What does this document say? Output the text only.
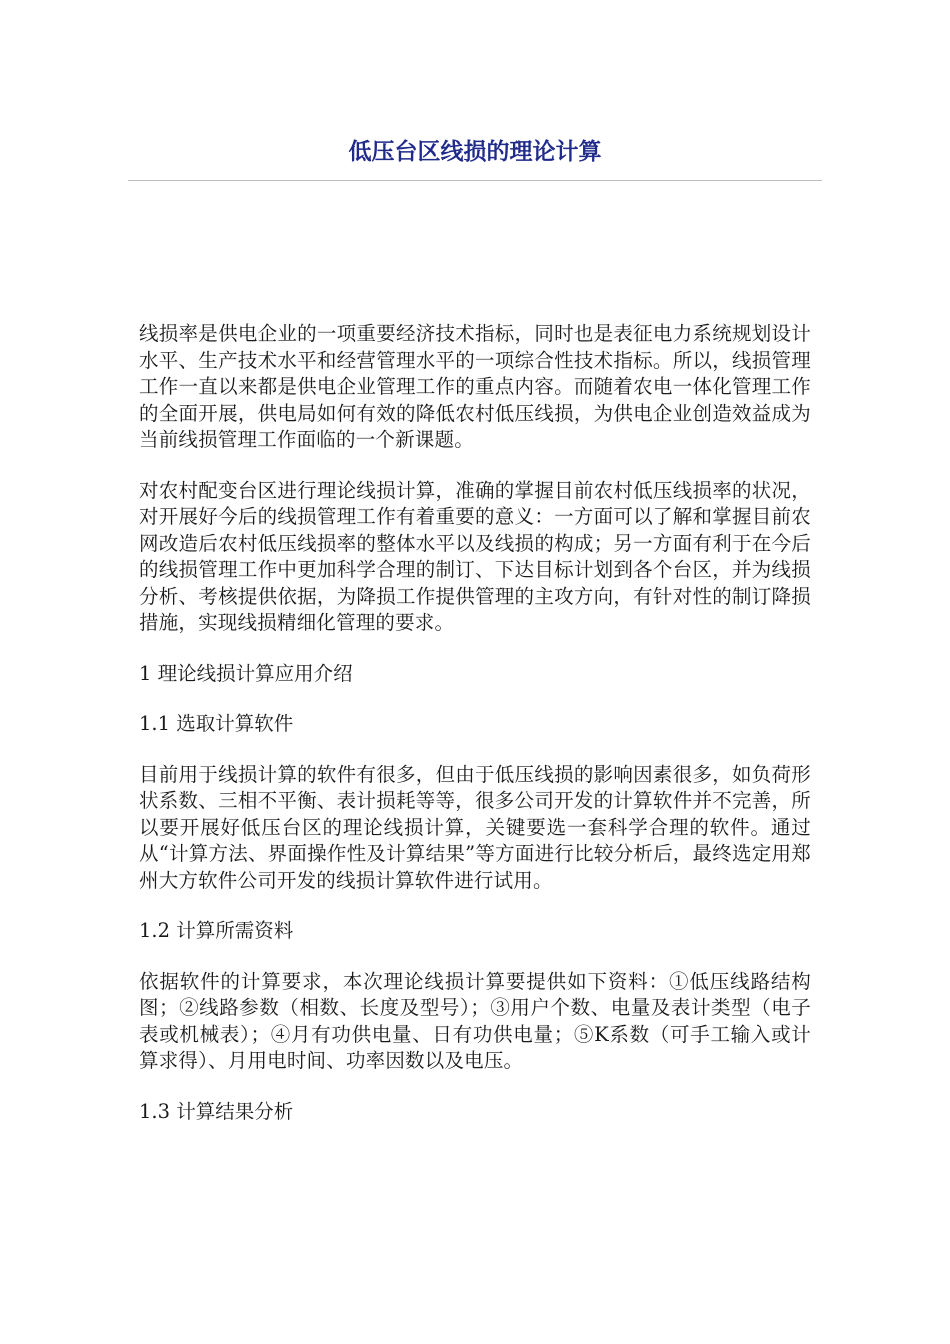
低压台区线损的理论计算

线损率是供电企业的一项重要经济技术指标，同时也是表征电力系统规划设计水平、生产技术水平和经营管理水平的一项综合性技术指标。所以，线损管理工作一直以来都是供电企业管理工作的重点内容。而随着农电一体化管理工作的全面开展，供电局如何有效的降低农村低压线损，为供电企业创造效益成为当前线损管理工作面临的一个新课题。

对农村配变台区进行理论线损计算，准确的掌握目前农村低压线损率的状况，对开展好今后的线损管理工作有着重要的意义：一方面可以了解和掌握目前农网改造后农村低压线损率的整体水平以及线损的构成；另一方面有利于在今后的线损管理工作中更加科学合理的制订、下达目标计划到各个台区，并为线损分析、考核提供依据，为降损工作提供管理的主攻方向，有针对性的制订降损措施，实现线损精细化管理的要求。

1 理论线损计算应用介绍

1.1 选取计算软件

目前用于线损计算的软件有很多，但由于低压线损的影响因素很多，如负荷形状系数、三相不平衡、表计损耗等等，很多公司开发的计算软件并不完善，所以要开展好低压台区的理论线损计算，关键要选一套科学合理的软件。通过从“计算方法、界面操作性及计算结果”等方面进行比较分析后，最终选定用郑州大方软件公司开发的线损计算软件进行试用。

1.2 计算所需资料

依据软件的计算要求，本次理论线损计算要提供如下资料：①低压线路结构图；②线路参数（相数、长度及型号）；③用户个数、电量及表计类型（电子表或机械表）；④月有功供电量、日有功供电量；⑤K系数（可手工输入或计算求得）、月用电时间、功率因数以及电压。

1.3 计算结果分析
